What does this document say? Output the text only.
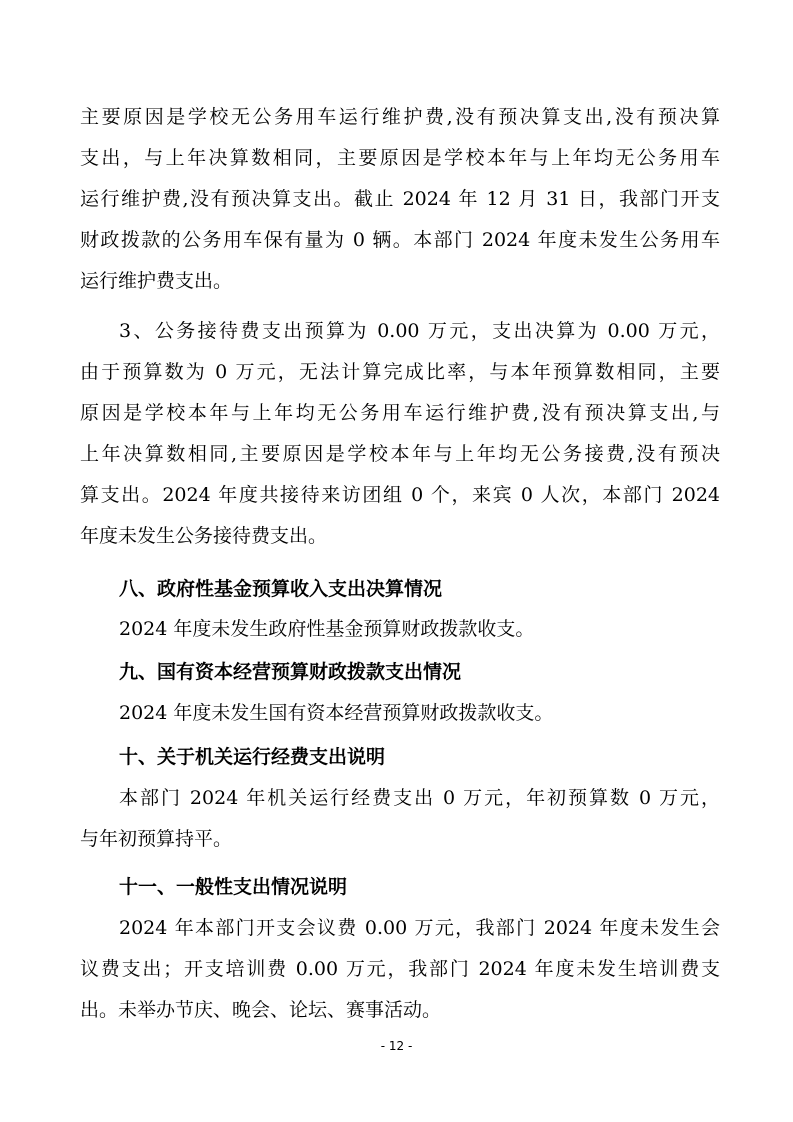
主要原因是学校无公务用车运行维护费,没有预决算支出,没有预决算
支出，与上年决算数相同，主要原因是学校本年与上年均无公务用车
运行维护费,没有预决算支出。截止 2024 年 12 月 31 日，我部门开支
财政拨款的公务用车保有量为 0 辆。本部门 2024 年度未发生公务用车
运行维护费支出。
3、公务接待费支出预算为 0.00 万元，支出决算为 0.00 万元，
由于预算数为 0 万元，无法计算完成比率，与本年预算数相同，主要
原因是学校本年与上年均无公务用车运行维护费,没有预决算支出,与
上年决算数相同,主要原因是学校本年与上年均无公务接费,没有预决
算支出。2024 年度共接待来访团组 0 个，来宾 0 人次，本部门 2024
年度未发生公务接待费支出。
八、政府性基金预算收入支出决算情况
2024 年度未发生政府性基金预算财政拨款收支。
九、国有资本经营预算财政拨款支出情况
2024 年度未发生国有资本经营预算财政拨款收支。
十、关于机关运行经费支出说明
本部门 2024 年机关运行经费支出 0 万元，年初预算数 0 万元，
与年初预算持平。
十一、一般性支出情况说明
2024 年本部门开支会议费 0.00 万元，我部门 2024 年度未发生会
议费支出；开支培训费 0.00 万元，我部门 2024 年度未发生培训费支
出。未举办节庆、晚会、论坛、赛事活动。
- 12 -
